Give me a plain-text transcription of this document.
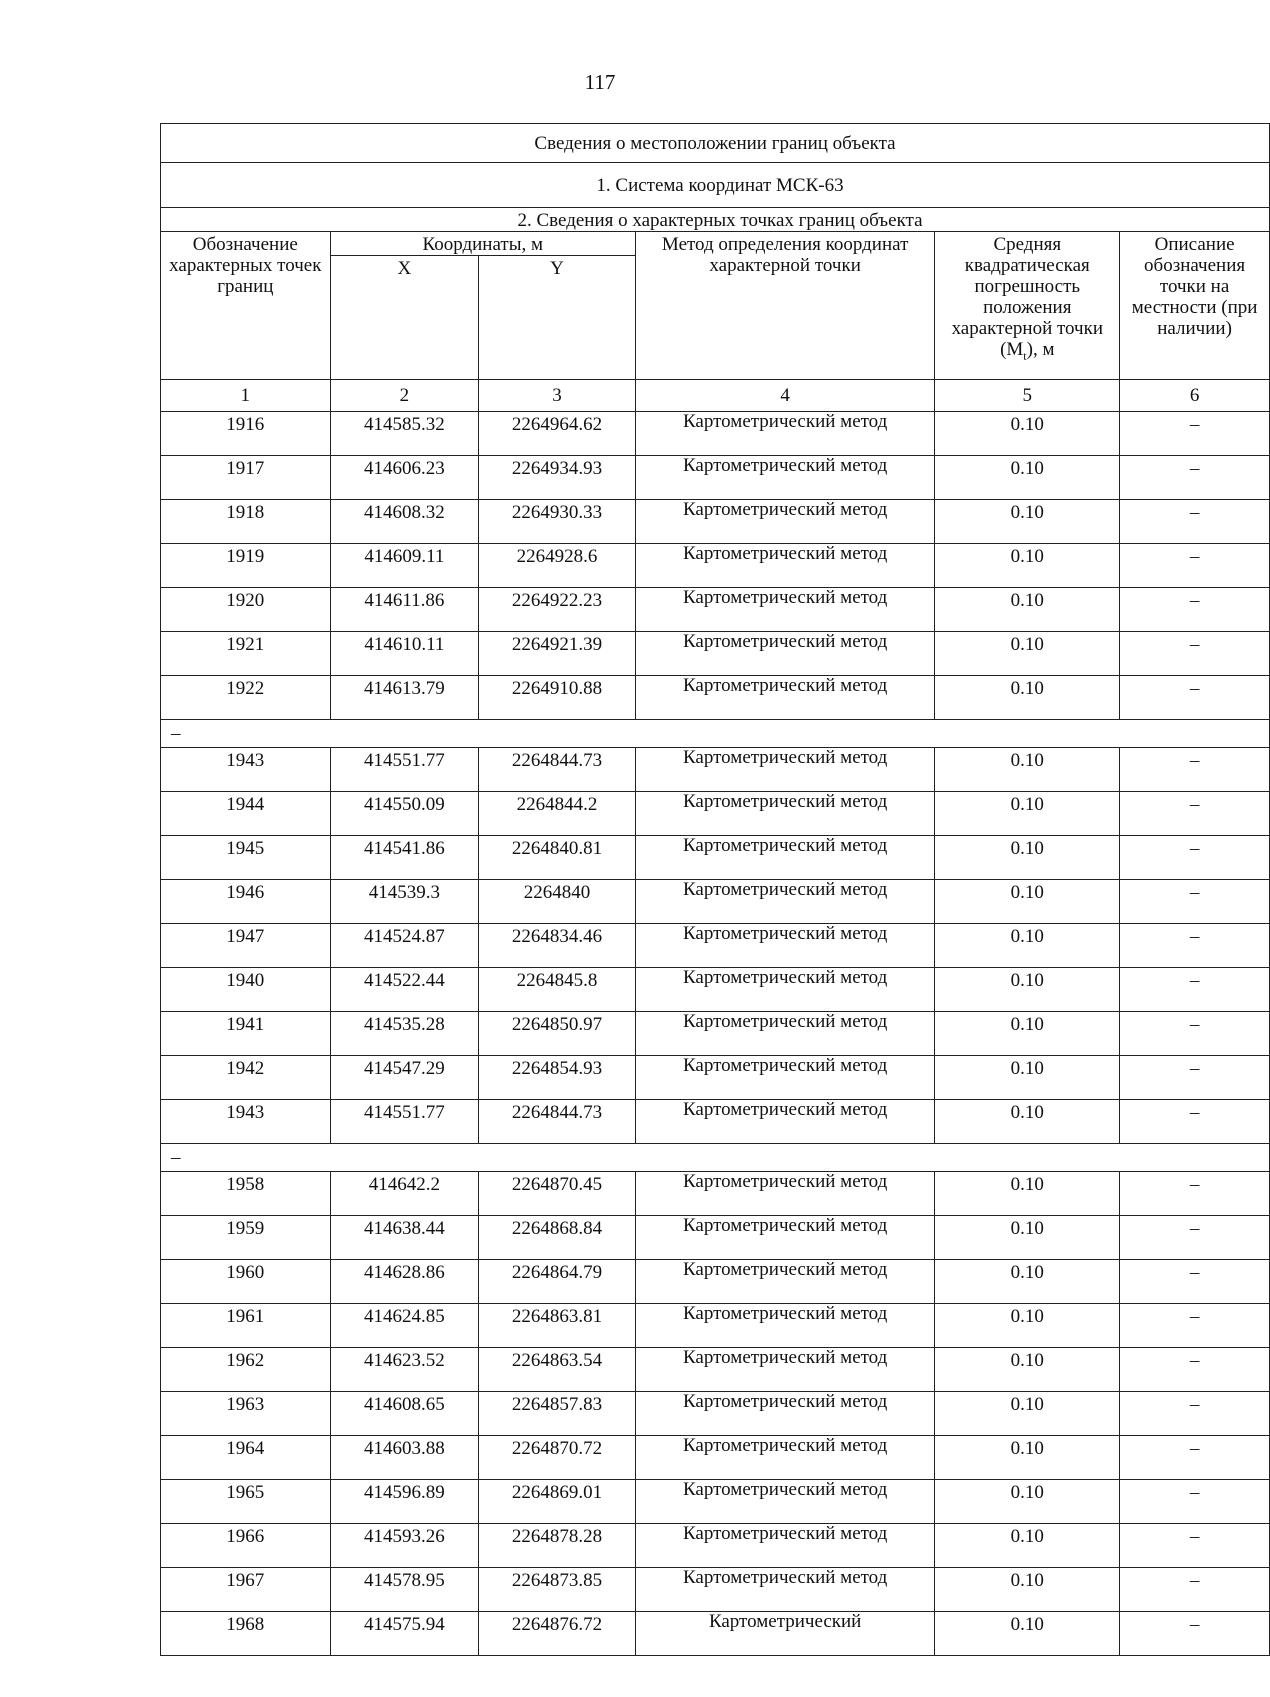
117
Сведения о местоположении границ объекта					
1. Система координат МСК-63					
2. Сведения о характерных точках границ объекта					
Обозначение характерных точек границ	Координаты, м		Метод определения координат характерной точки	Средняя квадратическая погрешность положения характерной точки $(M_t)$, м	Описание обозначения точки на местности (при наличии)
	X	Y			
1	2	3	4	5	6
1916	414585.32	2264964.62	Картометрический метод	0.10	–
1917	414606.23	2264934.93	Картометрический метод	0.10	–
1918	414608.32	2264930.33	Картометрический метод	0.10	–
1919	414609.11	2264928.6	Картометрический метод	0.10	–
1920	414611.86	2264922.23	Картометрический метод	0.10	–
1921	414610.11	2264921.39	Картометрический метод	0.10	–
1922	414613.79	2264910.88	Картометрический метод	0.10	–
–					
1943	414551.77	2264844.73	Картометрический метод	0.10	–
1944	414550.09	2264844.2	Картометрический метод	0.10	–
1945	414541.86	2264840.81	Картометрический метод	0.10	–
1946	414539.3	2264840	Картометрический метод	0.10	–
1947	414524.87	2264834.46	Картометрический метод	0.10	–
1940	414522.44	2264845.8	Картометрический метод	0.10	–
1941	414535.28	2264850.97	Картометрический метод	0.10	–
1942	414547.29	2264854.93	Картометрический метод	0.10	–
1943	414551.77	2264844.73	Картометрический метод	0.10	–
–					
1958	414642.2	2264870.45	Картометрический метод	0.10	–
1959	414638.44	2264868.84	Картометрический метод	0.10	–
1960	414628.86	2264864.79	Картометрический метод	0.10	–
1961	414624.85	2264863.81	Картометрический метод	0.10	–
1962	414623.52	2264863.54	Картометрический метод	0.10	–
1963	414608.65	2264857.83	Картометрический метод	0.10	–
1964	414603.88	2264870.72	Картометрический метод	0.10	–
1965	414596.89	2264869.01	Картометрический метод	0.10	–
1966	414593.26	2264878.28	Картометрический метод	0.10	–
1967	414578.95	2264873.85	Картометрический метод	0.10	–
1968	414575.94	2264876.72	Картометрический	0.10	–
